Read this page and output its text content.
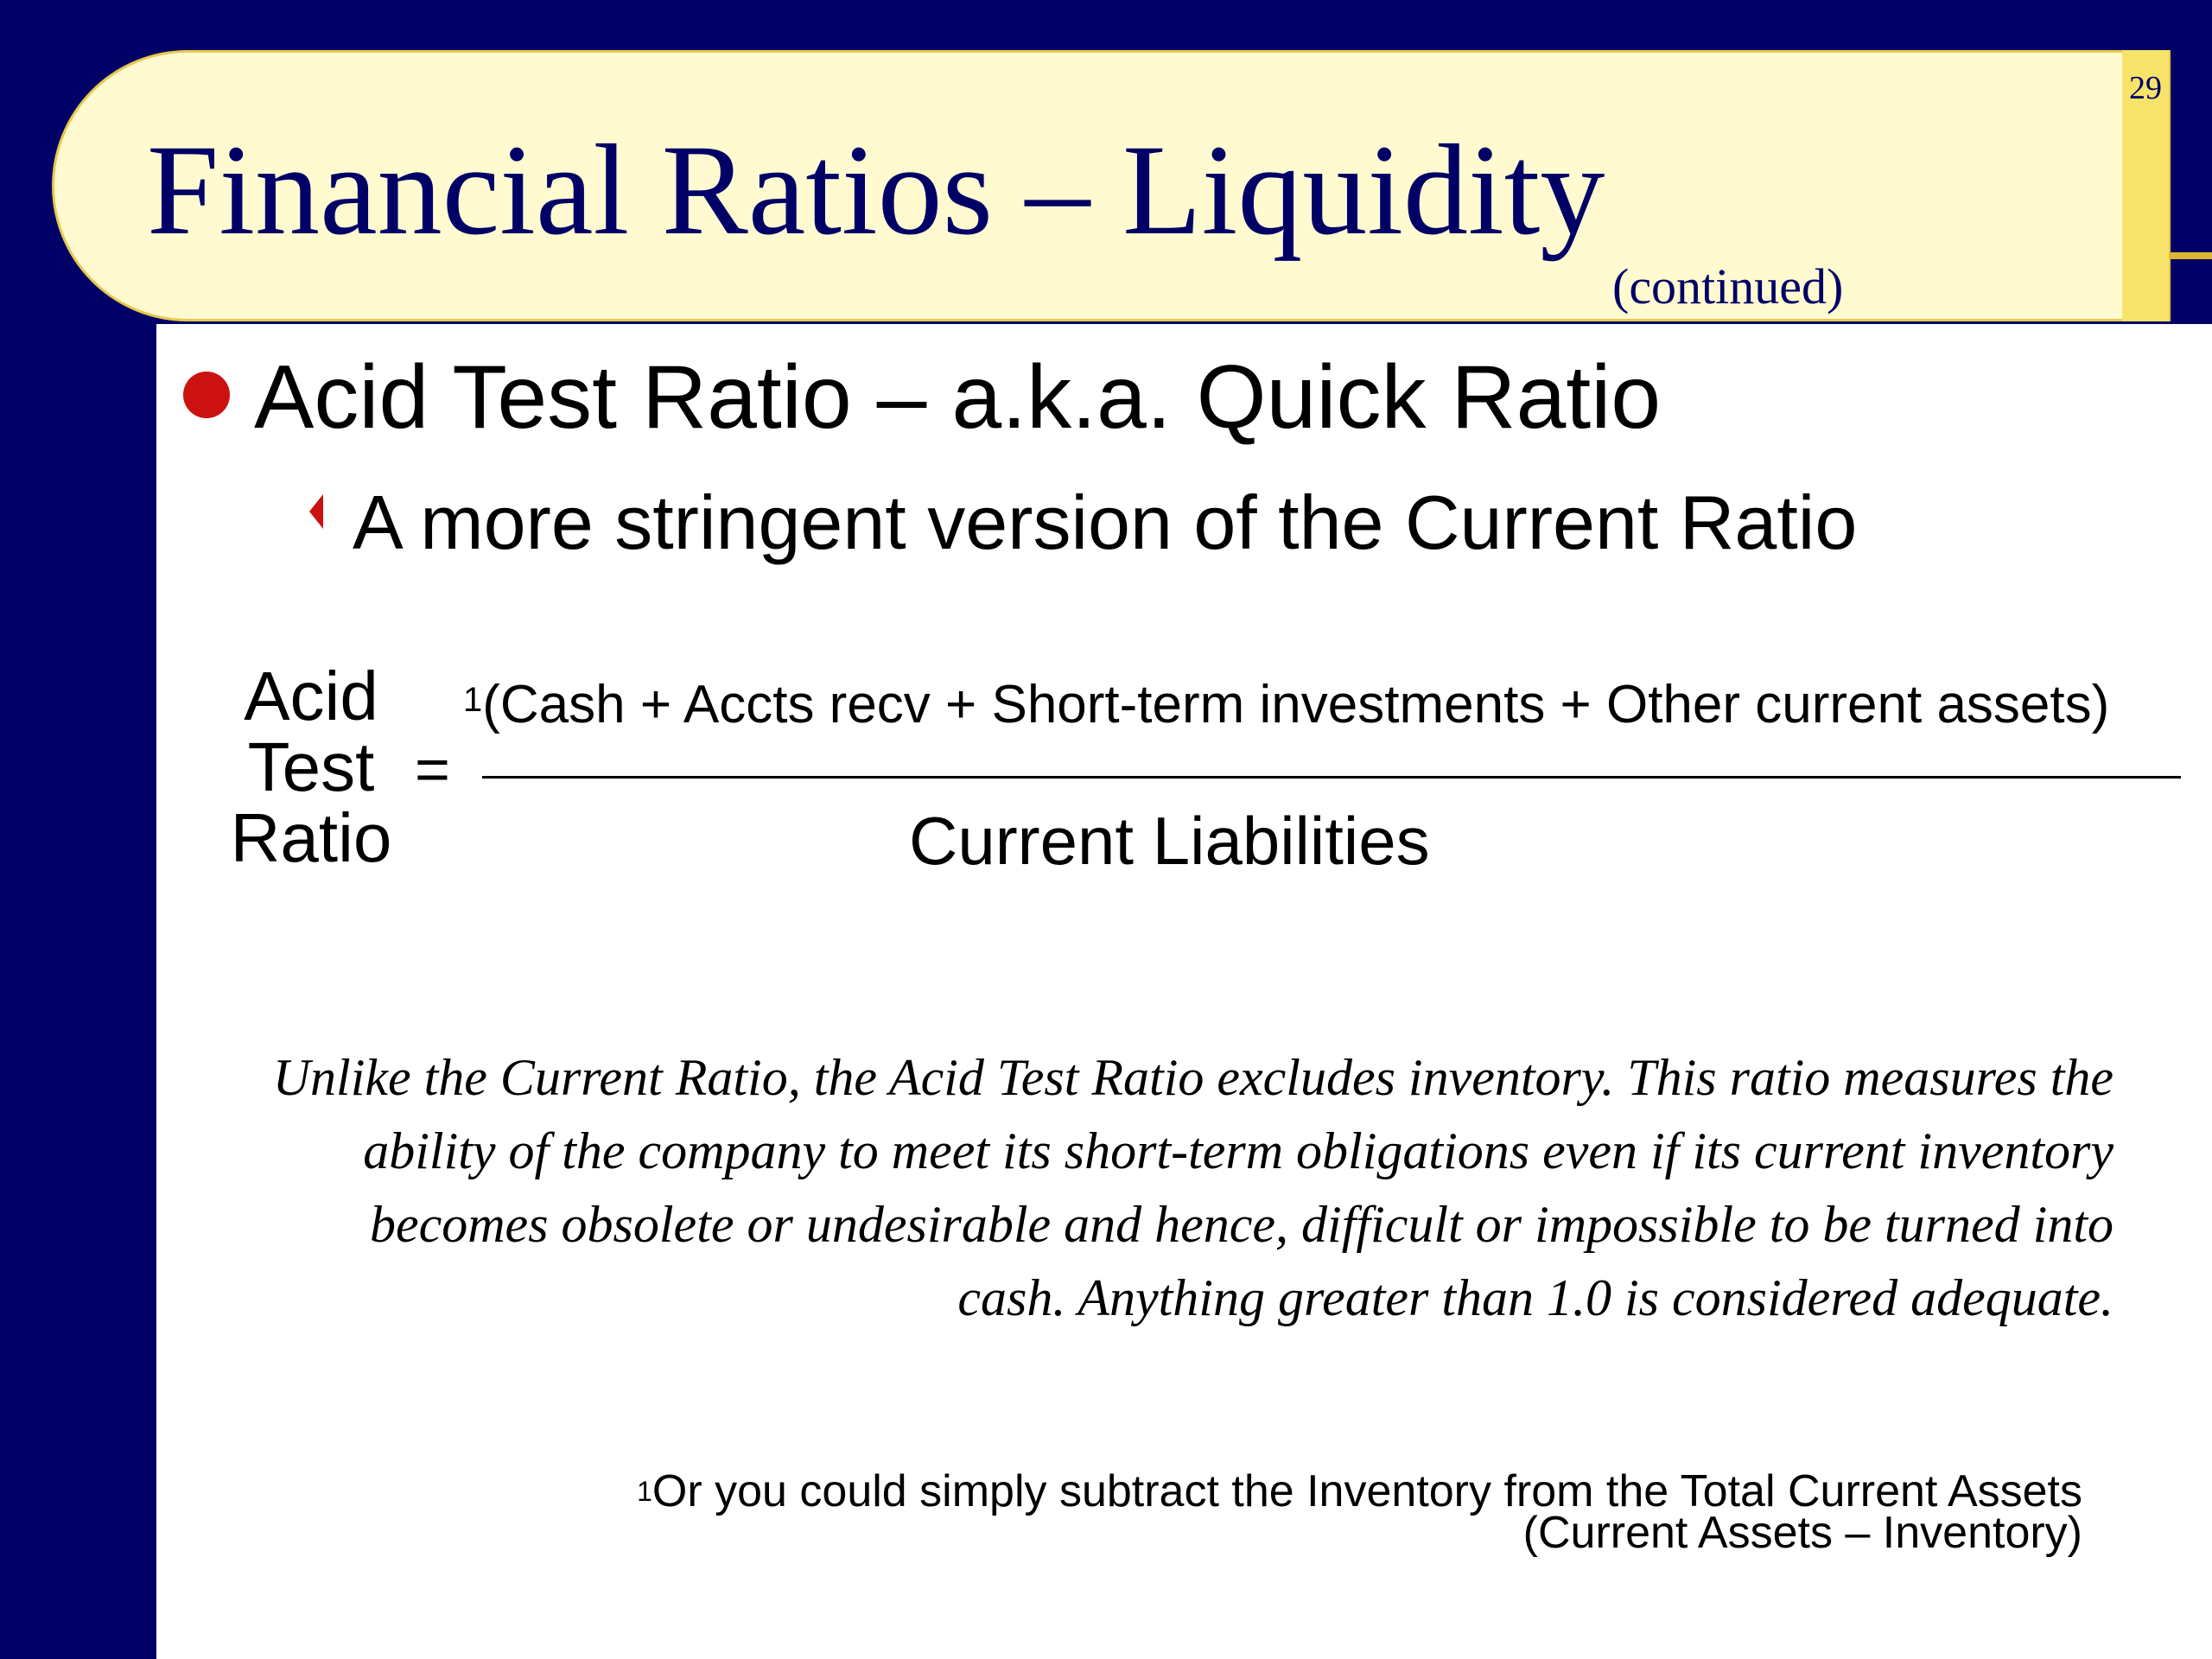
29
Financial Ratios – Liquidity
(continued)
Acid Test Ratio – a.k.a. Quick Ratio
A more stringent version of the Current Ratio
Acid
Test
Ratio
=
$^1$(Cash + Accts recv + Short-term investments + Other current assets)
Current Liabilities

Unlike the Current Ratio, the Acid Test Ratio excludes inventory. This ratio measures the ability of the company to meet its short-term obligations even if its current inventory becomes obsolete or undesirable and hence, difficult or impossible to be turned into cash. Anything greater than 1.0 is considered adequate.

$^1$Or you could simply subtract the Inventory from the Total Current Assets
(Current Assets – Inventory)
